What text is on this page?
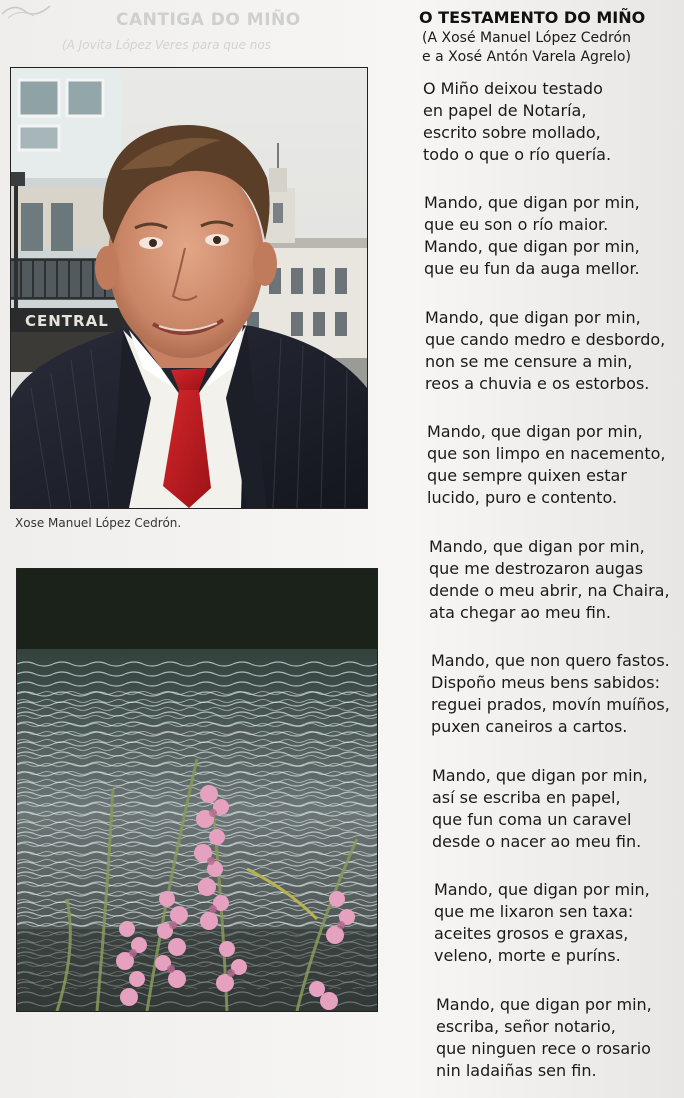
CANTIGA DO MIÑO
(A Jovita López Veres para que nos
CENTRAL
Xose Manuel López Cedrón.
O TESTAMENTO DO MIÑO
(A Xosé Manuel López Cedrón
e a Xosé Antón Varela Agrelo)
O Miño deixou testado
en papel de Notaría,
escrito sobre mollado,
todo o que o río quería.
Mando, que digan por min,
que eu son o río maior.
Mando, que digan por min,
que eu fun da auga mellor.
Mando, que digan por min,
que cando medro e desbordo,
non se me censure a min,
reos a chuvia e os estorbos.
Mando, que digan por min,
que son limpo en nacemento,
que sempre quixen estar
lucido, puro e contento.
Mando, que digan por min,
que me destrozaron augas
dende o meu abrir, na Chaira,
ata chegar ao meu fin.
Mando, que non quero fastos.
Dispoño meus bens sabidos:
reguei prados, movín muíños,
puxen caneiros a cartos.
Mando, que digan por min,
así se escriba en papel,
que fun coma un caravel
desde o nacer ao meu fin.
Mando, que digan por min,
que me lixaron sen taxa:
aceites grosos e graxas,
veleno, morte e puríns.
Mando, que digan por min,
escriba, señor notario,
que ninguen rece o rosario
nin ladaiñas sen fin.
